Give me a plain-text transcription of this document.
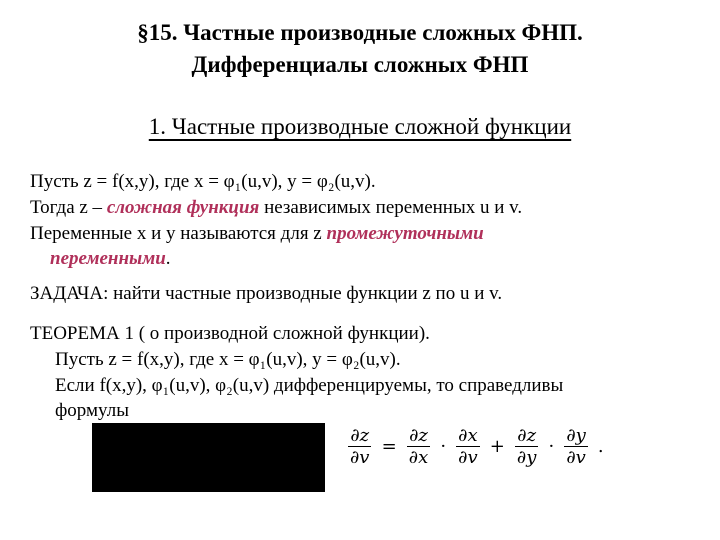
§15. Частные производные сложных ФНП.
Дифференциалы сложных ФНП
1. Частные производные сложной функции
Пусть z = f(x,y), где x = φ₁(u,v), y = φ₂(u,v).
Тогда z – сложная функция независимых переменных u и v.
Переменные x и y называются для z промежуточными
переменными.
ЗАДАЧА: найти частные производные функции z по u и v.
ТЕОРЕМА 1 ( о производной сложной функции).
Пусть z = f(x,y), где x = φ₁(u,v), y = φ₂(u,v).
Если f(x,y), φ₁(u,v), φ₂(u,v) дифференцируемы, то справедливы
формулы
$\frac{\partial z}{\partial v} = \frac{\partial z}{\partial x} \cdot \frac{\partial x}{\partial v} + \frac{\partial z}{\partial y} \cdot \frac{\partial y}{\partial v}$ .
